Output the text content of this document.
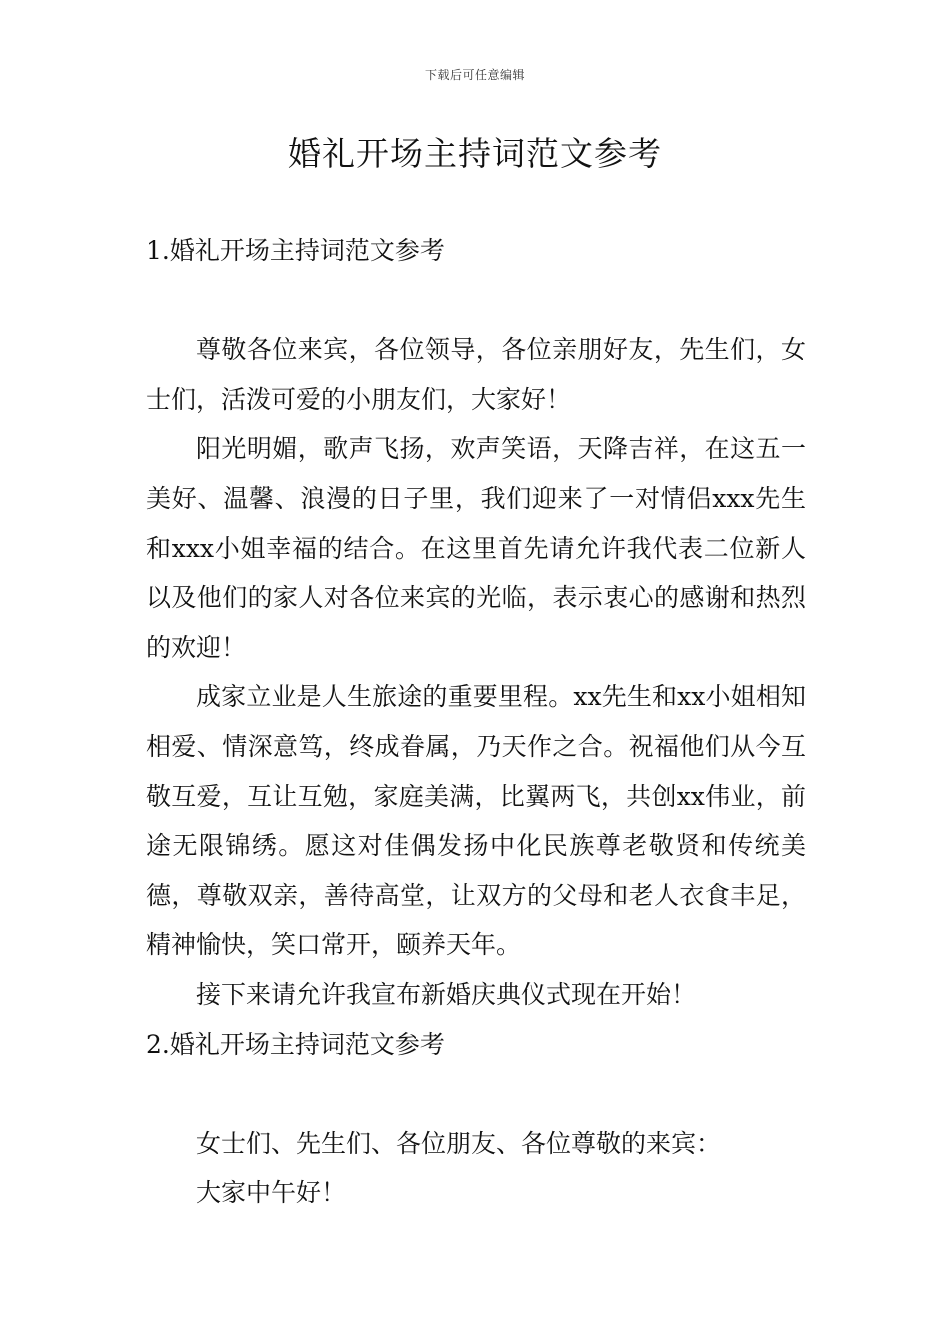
下载后可任意编辑
婚礼开场主持词范文参考

1.婚礼开场主持词范文参考

尊敬各位来宾，各位领导，各位亲朋好友，先生们，女士们，活泼可爱的小朋友们，大家好！

阳光明媚，歌声飞扬，欢声笑语，天降吉祥，在这五一美好、温馨、浪漫的日子里，我们迎来了一对情侣xxx先生和xxx小姐幸福的结合。在这里首先请允许我代表二位新人以及他们的家人对各位来宾的光临，表示衷心的感谢和热烈的欢迎！

成家立业是人生旅途的重要里程。xx先生和xx小姐相知相爱、情深意笃，终成眷属，乃天作之合。祝福他们从今互敬互爱，互让互勉，家庭美满，比翼两飞，共创xx伟业，前途无限锦绣。愿这对佳偶发扬中化民族尊老敬贤和传统美德，尊敬双亲，善待高堂，让双方的父母和老人衣食丰足，精神愉快，笑口常开，颐养天年。

接下来请允许我宣布新婚庆典仪式现在开始！

2.婚礼开场主持词范文参考

女士们、先生们、各位朋友、各位尊敬的来宾：

大家中午好！
